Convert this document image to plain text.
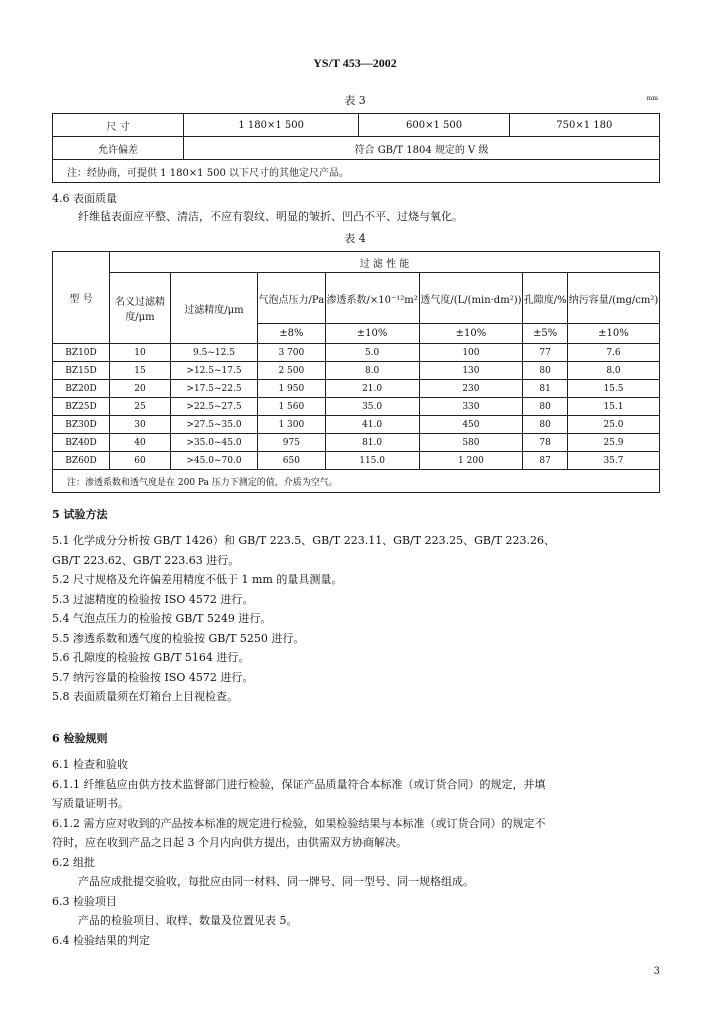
YS/T 453—2002
表 3	mm
尺 寸	1 180×1 500	600×1 500	750×1 180
允许偏差	符合 GB/T 1804 规定的 V 级		
注：经协商，可提供 1 180×1 500 以下尺寸的其他定尺产品。			
4.6 表面质量
纤维毡表面应平整、清洁，不应有裂纹、明显的皱折、凹凸不平、过烧与氧化。
表 4
型 号	过 滤 性 能						
	名义过滤精度/μm	过滤精度/μm	气泡点压力/Pa	渗透系数/×10⁻¹²m²	透气度/(L/(min·dm²))	孔隙度/%	纳污容量/(mg/cm²)
			±8%	±10%	±10%	±5%	±10%

BZ10D	10	9.5~12.5	3 700	5.0	100	77	7.6
BZ15D	15	>12.5~17.5	2 500	8.0	130	80	8.0
BZ20D	20	>17.5~22.5	1 950	21.0	230	81	15.5
BZ25D	25	>22.5~27.5	1 560	35.0	330	80	15.1
BZ30D	30	>27.5~35.0	1 300	41.0	450	80	25.0
BZ40D	40	>35.0~45.0	975	81.0	580	78	25.9
BZ60D	60	>45.0~70.0	650	115.0	1 200	87	35.7
注：渗透系数和透气度是在 200 Pa 压力下测定的值，介质为空气。							
5 试验方法
5.1 化学成分分析按 GB/T 1426）和 GB/T 223.5、GB/T 223.11、GB/T 223.25、GB/T 223.26、
GB/T 223.62、GB/T 223.63 进行。
5.2 尺寸规格及允许偏差用精度不低于 1 mm 的量具测量。
5.3 过滤精度的检验按 ISO 4572 进行。
5.4 气泡点压力的检验按 GB/T 5249 进行。
5.5 渗透系数和透气度的检验按 GB/T 5250 进行。
5.6 孔隙度的检验按 GB/T 5164 进行。
5.7 纳污容量的检验按 ISO 4572 进行。
5.8 表面质量须在灯箱台上目视检查。
6 检验规则
6.1 检查和验收
6.1.1 纤维毡应由供方技术监督部门进行检验，保证产品质量符合本标准（或订货合同）的规定，并填
写质量证明书。
6.1.2 需方应对收到的产品按本标准的规定进行检验，如果检验结果与本标准（或订货合同）的规定不
符时，应在收到产品之日起 3 个月内向供方提出，由供需双方协商解决。
6.2 组批
产品应成批提交验收，每批应由同一材料、同一牌号、同一型号、同一规格组成。
6.3 检验项目
产品的检验项目、取样、数量及位置见表 5。
6.4 检验结果的判定
3
